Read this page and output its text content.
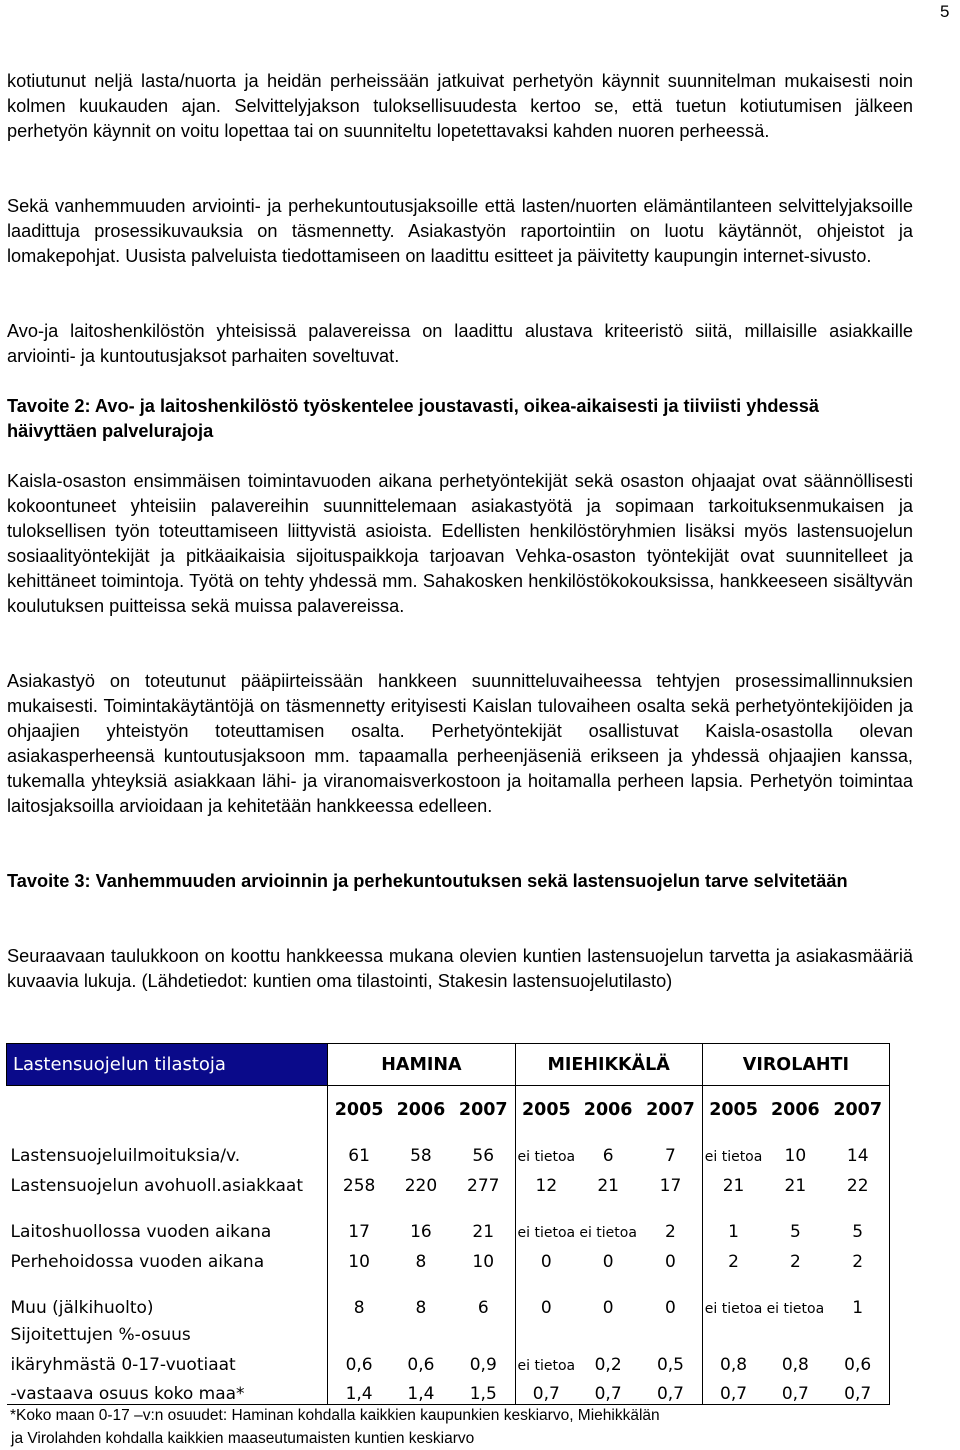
5

kotiutunut neljä lasta/nuorta ja heidän perheissään jatkuivat perhetyön käynnit suunnitelman mukaisesti noin kolmen kuukauden ajan. Selvittelyjakson tuloksellisuudesta kertoo se, että tuetun kotiutumisen jälkeen perhetyön käynnit on voitu lopettaa tai on suunniteltu lopetettavaksi kahden nuoren perheessä.

Sekä vanhemmuuden arviointi- ja perhekuntoutusjaksoille että lasten/nuorten elämäntilanteen selvittelyjaksoille laadittuja prosessikuvauksia on täsmennetty. Asiakastyön raportointiin on luotu käytännöt, ohjeistot ja lomakepohjat. Uusista palveluista tiedottamiseen on laadittu esitteet ja päivitetty kaupungin internet-sivusto.

Avo-ja laitoshenkilöstön yhteisissä palavereissa on laadittu alustava kriteeristö siitä, millaisille asiakkaille arviointi- ja kuntoutusjaksot parhaiten soveltuvat.

Tavoite 2: Avo- ja laitoshenkilöstö työskentelee joustavasti, oikea-aikaisesti ja tiiviisti yhdessä häivyttäen palvelurajoja

Kaisla-osaston ensimmäisen toimintavuoden aikana perhetyöntekijät sekä osaston ohjaajat ovat säännöllisesti kokoontuneet yhteisiin palavereihin suunnittelemaan asiakastyötä ja sopimaan tarkoituksenmukaisen ja tuloksellisen työn toteuttamiseen liittyvistä asioista. Edellisten henkilöstöryhmien lisäksi myös lastensuojelun sosiaalityöntekijät ja pitkäaikaisia sijoituspaikkoja tarjoavan Vehka-osaston työntekijät ovat suunnitelleet ja kehittäneet toimintoja. Työtä on tehty yhdessä mm. Sahakosken henkilöstökokouksissa, hankkeeseen sisältyvän koulutuksen puitteissa sekä muissa palavereissa.

Asiakastyö on toteutunut pääpiirteissään hankkeen suunnitteluvaiheessa tehtyjen prosessimallinnuksien mukaisesti. Toimintakäytäntöjä on täsmennetty erityisesti Kaislan tulovaiheen osalta sekä perhetyöntekijöiden ja ohjaajien yhteistyön toteuttamisen osalta. Perhetyöntekijät osallistuvat Kaisla-osastolla olevan asiakasperheensä kuntoutusjaksoon mm. tapaamalla perheenjäseniä erikseen ja yhdessä ohjaajien kanssa, tukemalla yhteyksiä asiakkaan lähi- ja viranomaisverkostoon ja hoitamalla perheen lapsia. Perhetyön toimintaa laitosjaksoilla arvioidaan ja kehitetään hankkeessa edelleen.

Tavoite 3: Vanhemmuuden arvioinnin ja perhekuntoutuksen sekä lastensuojelun tarve selvitetään

Seuraavaan taulukkoon on koottu hankkeessa mukana olevien kuntien lastensuojelun tarvetta ja asiakasmääriä kuvaavia lukuja. (Lähdetiedot: kuntien oma tilastointi, Stakesin lastensuojelutilasto)

Lastensuojelun tilastoja	HAMINA			MIEHIKKÄLÄ			VIROLAHTI		
	2005	2006	2007	2005	2006	2007	2005	2006	2007
Lastensuojeluilmoituksia/v.	61	58	56	ei tietoa	6	7	ei tietoa	10	14
Lastensuojelun avohuoll.asiakkaat	258	220	277	12	21	17	21	21	22
Laitoshuollossa vuoden aikana	17	16	21	ei tietoa	ei tietoa	2	1	5	5
Perhehoidossa vuoden aikana	10	8	10	0	0	0	2	2	2
Muu (jälkihuolto)	8	8	6	0	0	0	ei tietoa	ei tietoa	1
Sijoitettujen %-osuus									
ikäryhmästä 0-17-vuotiaat	0,6	0,6	0,9	ei tietoa	0,2	0,5	0,8	0,8	0,6
-vastaava osuus koko maa*	1,4	1,4	1,5	0,7	0,7	0,7	0,7	0,7	0,7
*Koko maan 0-17 –v:n osuudet: Haminan kohdalla kaikkien kaupunkien keskiarvo, Miehikkälän
ja Virolahden kohdalla kaikkien maaseutumaisten kuntien keskiarvo
